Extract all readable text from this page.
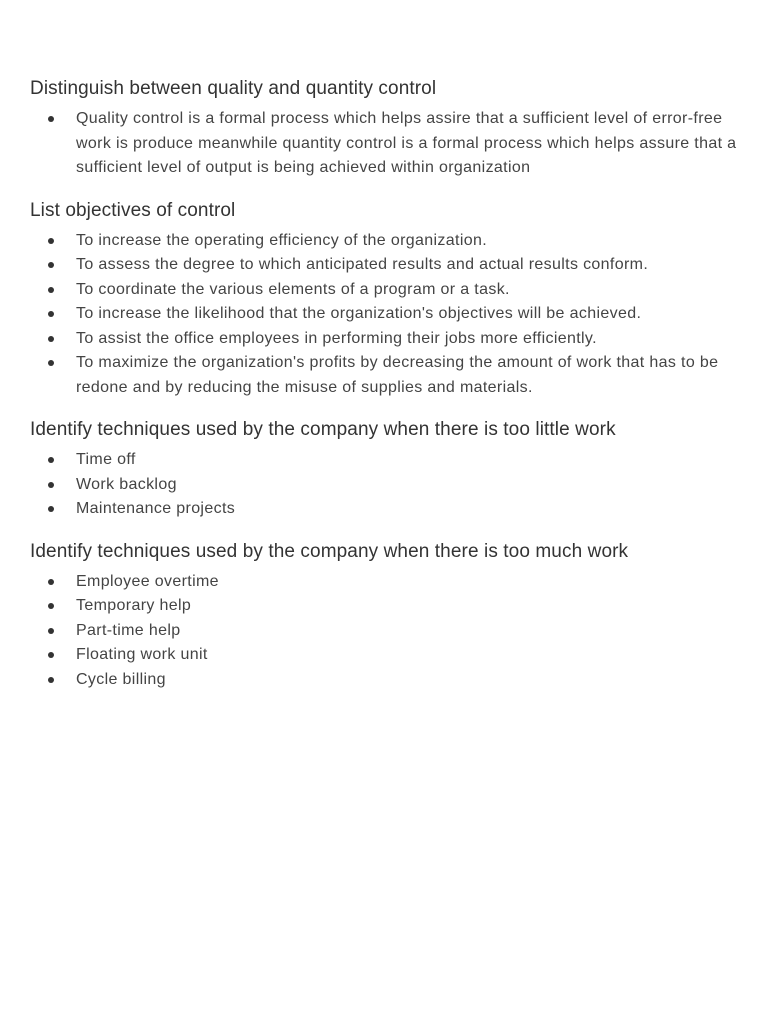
Distinguish between quality and quantity control
Quality control is a formal process which helps assire that a sufficient level of error-free work is produce meanwhile quantity control is a formal process which helps assure that a sufficient level of output is being achieved within organization
List objectives of control
To increase the operating efficiency of the organization.
To assess the degree to which anticipated results and actual results conform.
To coordinate the various elements of a program or a task.
To increase the likelihood that the organization's objectives will be achieved.
To assist the office employees in performing their jobs more efficiently.
To maximize the organization's profits by decreasing the amount of work that has to be redone and by reducing the misuse of supplies and materials.
Identify techniques used by the company when there is too little work
Time off
Work backlog
Maintenance projects
Identify techniques used by the company when there is too much work
Employee overtime
Temporary help
Part-time help
Floating work unit
Cycle billing
